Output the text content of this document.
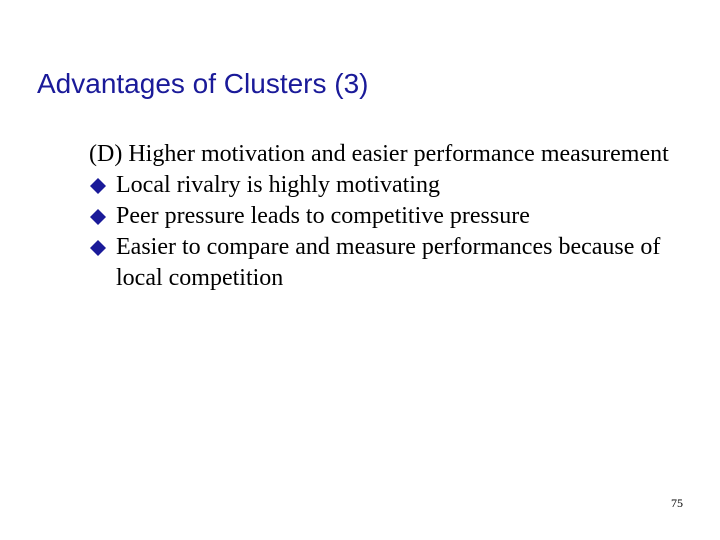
Advantages of Clusters (3)
(D) Higher motivation and easier performance measurement
Local rivalry is highly motivating
Peer pressure leads to competitive pressure
Easier to compare and measure performances because of local competition
75
